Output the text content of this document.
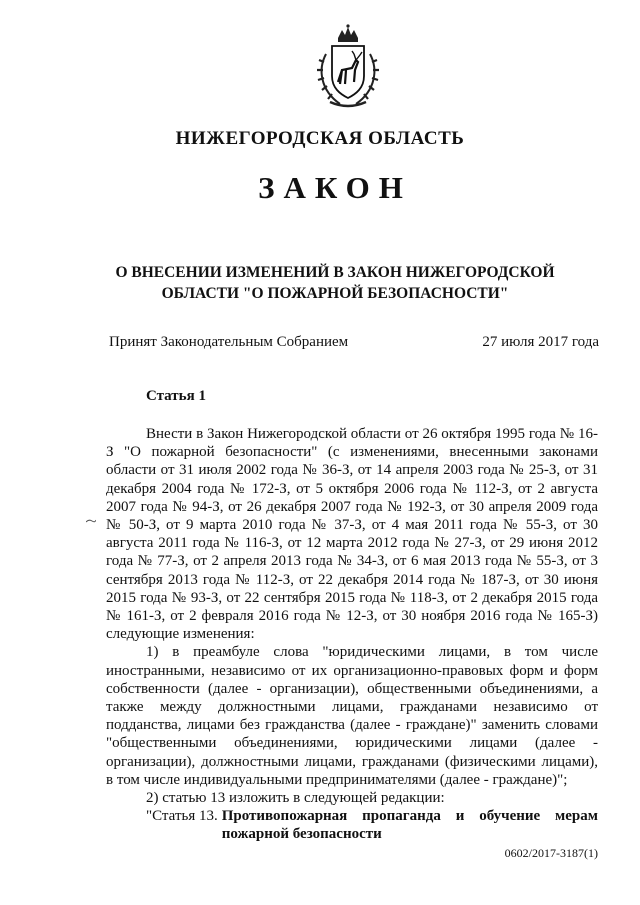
НИЖЕГОРОДСКАЯ ОБЛАСТЬ
ЗАКОН
О ВНЕСЕНИИ ИЗМЕНЕНИЙ В ЗАКОН НИЖЕГОРОДСКОЙ
ОБЛАСТИ "О ПОЖАРНОЙ БЕЗОПАСНОСТИ"
Принят Законодательным Собранием	27 июля 2017 года
Статья 1

Внести в Закон Нижегородской области от 26 октября 1995 года № 16-З "О пожарной безопасности" (с изменениями, внесенными законами области от 31 июля 2002 года № 36-З, от 14 апреля 2003 года № 25-З, от 31 декабря 2004 года № 172-З, от 5 октября 2006 года № 112-З, от 2 августа 2007 года № 94-З, от 26 декабря 2007 года № 192-З, от 30 апреля 2009 года № 50-З, от 9 марта 2010 года № 37-З, от 4 мая 2011 года № 55-З, от 30 августа 2011 года № 116-З, от 12 марта 2012 года № 27-З, от 29 июня 2012 года № 77-З, от 2 апреля 2013 года № 34-З, от 6 мая 2013 года № 55-З, от 3 сентября 2013 года № 112-З, от 22 декабря 2014 года № 187-З, от 30 июня 2015 года № 93-З, от 22 сентября 2015 года № 118-З, от 2 декабря 2015 года № 161-З, от 2 февраля 2016 года № 12-З, от 30 ноября 2016 года № 165-З) следующие изменения:

1) в преамбуле слова "юридическими лицами, в том числе иностранными, независимо от их организационно-правовых форм и форм собственности (далее - организации), общественными объединениями, а также между должностными лицами, гражданами независимо от подданства, лицами без гражданства (далее - граждане)" заменить словами "общественными объединениями, юридическими лицами (далее - организации), должностными лицами, гражданами (физическими лицами), в том числе индивидуальными предпринимателями (далее - граждане)";

2) статью 13 изложить в следующей редакции:

"Статья 13. Противопожарная пропаганда и обучение мерам пожарной безопасности
0602/2017-3187(1)
